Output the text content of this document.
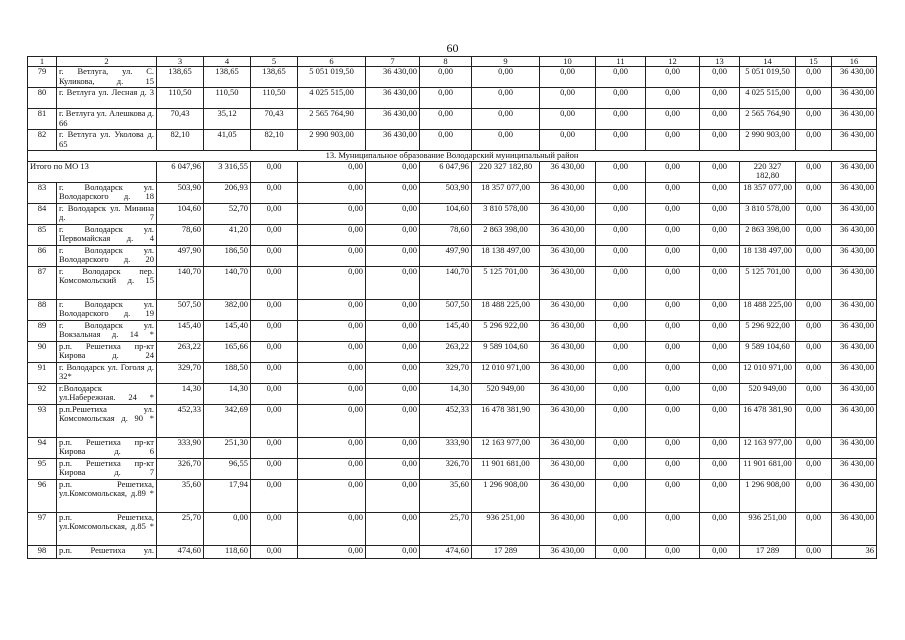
60
1	2	3	4	5	6	7	8	9	10	11	12	13	14	15	16
79	г. Ветлуга, ул. С. Куликова, д. 15	138,65	138,65	138,65	5 051 019,50	36 430,00	0,00	0,00	0,00	0,00	0,00	0,00	5 051 019,50	0,00	36 430,00
80	г. Ветлуга ул. Лесная д. 3	110,50	110,50	110,50	4 025 515,00	36 430,00	0,00	0,00	0,00	0,00	0,00	0,00	4 025 515,00	0,00	36 430,00
81	г. Ветлуга ул. Алешкова д. 66	70,43	35,12	70,43	2 565 764,90	36 430,00	0,00	0,00	0,00	0,00	0,00	0,00	2 565 764,90	0,00	36 430,00
82	г. Ветлуга ул. Уколова д. 65	82,10	41,05	82,10	2 990 903,00	36 430,00	0,00	0,00	0,00	0,00	0,00	0,00	2 990 903,00	0,00	36 430,00
13. Муниципальное образование Володарский муниципальный район															
Итого по МО 13		6 047,96	3 316,55	0,00	0,00	0,00	6 047,96	220 327 182,80	36 430,00	0,00	0,00	0,00	220 327 182,80	0,00	36 430,00
83	г. Володарск ул. Володарского д. 18	503,90	206,93	0,00	0,00	0,00	503,90	18 357 077,00	36 430,00	0,00	0,00	0,00	18 357 077,00	0,00	36 430,00
84	г. Володарск ул. Минина д. 7	104,60	52,70	0,00	0,00	0,00	104,60	3 810 578,00	36 430,00	0,00	0,00	0,00	3 810 578,00	0,00	36 430,00
85	г. Володарск ул. Первомайская д. 4	78,60	41,20	0,00	0,00	0,00	78,60	2 863 398,00	36 430,00	0,00	0,00	0,00	2 863 398,00	0,00	36 430,00
86	г. Володарск ул. Володарского д. 20	497,90	186,50	0,00	0,00	0,00	497,90	18 138 497,00	36 430,00	0,00	0,00	0,00	18 138 497,00	0,00	36 430,00
87	г. Володарск пер. Комсомольский д. 15	140,70	140,70	0,00	0,00	0,00	140,70	5 125 701,00	36 430,00	0,00	0,00	0,00	5 125 701,00	0,00	36 430,00
88	г. Володарск ул. Володарского д. 19	507,50	382,00	0,00	0,00	0,00	507,50	18 488 225,00	36 430,00	0,00	0,00	0,00	18 488 225,00	0,00	36 430,00
89	г. Володарск ул. Вокзальная д. 14 *	145,40	145,40	0,00	0,00	0,00	145,40	5 296 922,00	36 430,00	0,00	0,00	0,00	5 296 922,00	0,00	36 430,00
90	р.п. Решетиха пр-кт Кирова д. 24	263,22	165,66	0,00	0,00	0,00	263,22	9 589 104,60	36 430,00	0,00	0,00	0,00	9 589 104,60	0,00	36 430,00
91	г. Володарск ул. Гоголя д. 32*	329,70	188,50	0,00	0,00	0,00	329,70	12 010 971,00	36 430,00	0,00	0,00	0,00	12 010 971,00	0,00	36 430,00
92	г.Володарск ул.Набережная. 24 *	14,30	14,30	0,00	0,00	0,00	14,30	520 949,00	36 430,00	0,00	0,00	0,00	520 949,00	0,00	36 430,00
93	р.п.Решетиха ул. Комсомольская д. 90 *	452,33	342,69	0,00	0,00	0,00	452,33	16 478 381,90	36 430,00	0,00	0,00	0,00	16 478 381,90	0,00	36 430,00
94	р.п. Решетиха пр-кт Кирова д. 6	333,90	251,30	0,00	0,00	0,00	333,90	12 163 977,00	36 430,00	0,00	0,00	0,00	12 163 977,00	0,00	36 430,00
95	р.п. Решетиха пр-кт Кирова д. 7	326,70	96,55	0,00	0,00	0,00	326,70	11 901 681,00	36 430,00	0,00	0,00	0,00	11 901 681,00	0,00	36 430,00
96	р.п. Решетиха, ул.Комсомольская, д.89 *	35,60	17,94	0,00	0,00	0,00	35,60	1 296 908,00	36 430,00	0,00	0,00	0,00	1 296 908,00	0,00	36 430,00
97	р.п. Решетиха, ул.Комсомольская, д.85 *	25,70	0,00	0,00	0,00	0,00	25,70	936 251,00	36 430,00	0,00	0,00	0,00	936 251,00	0,00	36 430,00
98	р.п. Решетиха ул.	474,60	118,60	0,00	0,00	0,00	474,60	17 289	36 430,00	0,00	0,00	0,00	17 289	0,00	36
